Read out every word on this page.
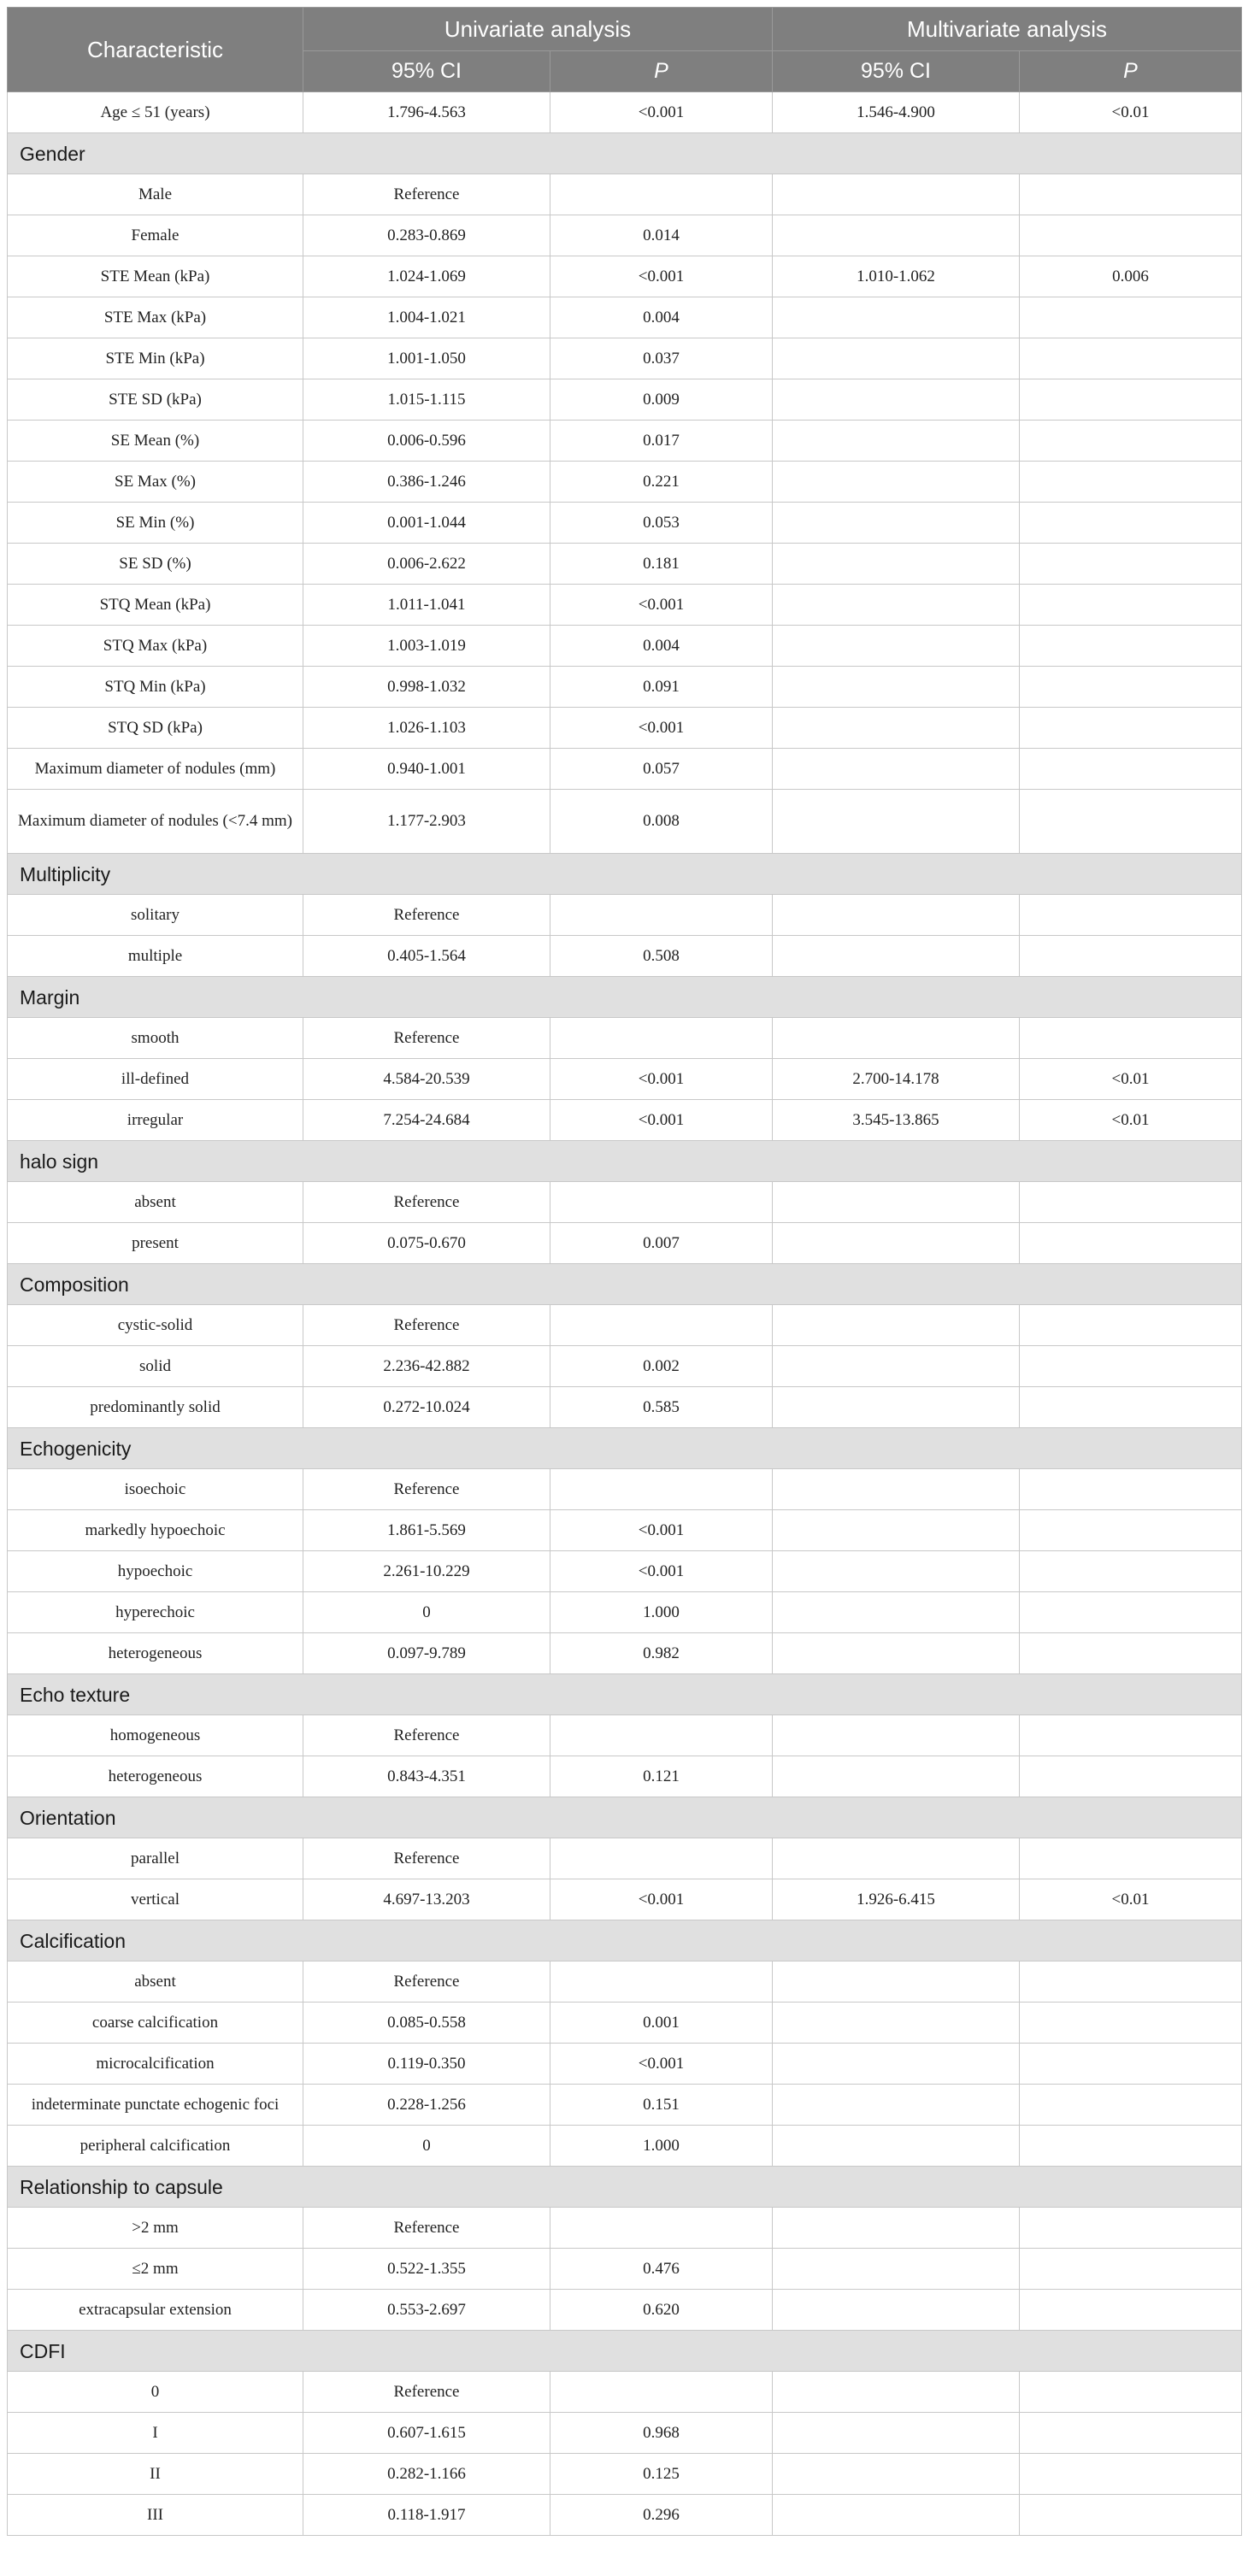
Characteristic	Univariate analysis		Multivariate analysis	
	95% CI	P	95% CI	P
Age ≤ 51 (years)	1.796-4.563	<0.001	1.546-4.900	<0.01
Gender				
Male	Reference			
Female	0.283-0.869	0.014		
STE Mean (kPa)	1.024-1.069	<0.001	1.010-1.062	0.006
STE Max (kPa)	1.004-1.021	0.004		
STE Min (kPa)	1.001-1.050	0.037		
STE SD (kPa)	1.015-1.115	0.009		
SE Mean (%)	0.006-0.596	0.017		
SE Max (%)	0.386-1.246	0.221		
SE Min (%)	0.001-1.044	0.053		
SE SD (%)	0.006-2.622	0.181		
STQ Mean (kPa)	1.011-1.041	<0.001		
STQ Max (kPa)	1.003-1.019	0.004		
STQ Min (kPa)	0.998-1.032	0.091		
STQ SD (kPa)	1.026-1.103	<0.001		
Maximum diameter of nodules (mm)	0.940-1.001	0.057		
Maximum diameter of nodules (<7.4 mm)	1.177-2.903	0.008		
Multiplicity				
solitary	Reference			
multiple	0.405-1.564	0.508		
Margin				
smooth	Reference			
ill-defined	4.584-20.539	<0.001	2.700-14.178	<0.01
irregular	7.254-24.684	<0.001	3.545-13.865	<0.01
halo sign				
absent	Reference			
present	0.075-0.670	0.007		
Composition				
cystic-solid	Reference			
solid	2.236-42.882	0.002		
predominantly solid	0.272-10.024	0.585		
Echogenicity				
isoechoic	Reference			
markedly hypoechoic	1.861-5.569	<0.001		
hypoechoic	2.261-10.229	<0.001		
hyperechoic	0	1.000		
heterogeneous	0.097-9.789	0.982		
Echo texture				
homogeneous	Reference			
heterogeneous	0.843-4.351	0.121		
Orientation				
parallel	Reference			
vertical	4.697-13.203	<0.001	1.926-6.415	<0.01
Calcification				
absent	Reference			
coarse calcification	0.085-0.558	0.001		
microcalcification	0.119-0.350	<0.001		
indeterminate punctate echogenic foci	0.228-1.256	0.151		
peripheral calcification	0	1.000		
Relationship to capsule				
>2 mm	Reference			
≤2 mm	0.522-1.355	0.476		
extracapsular extension	0.553-2.697	0.620		
CDFI				
0	Reference			
I	0.607-1.615	0.968		
II	0.282-1.166	0.125		
III	0.118-1.917	0.296		
